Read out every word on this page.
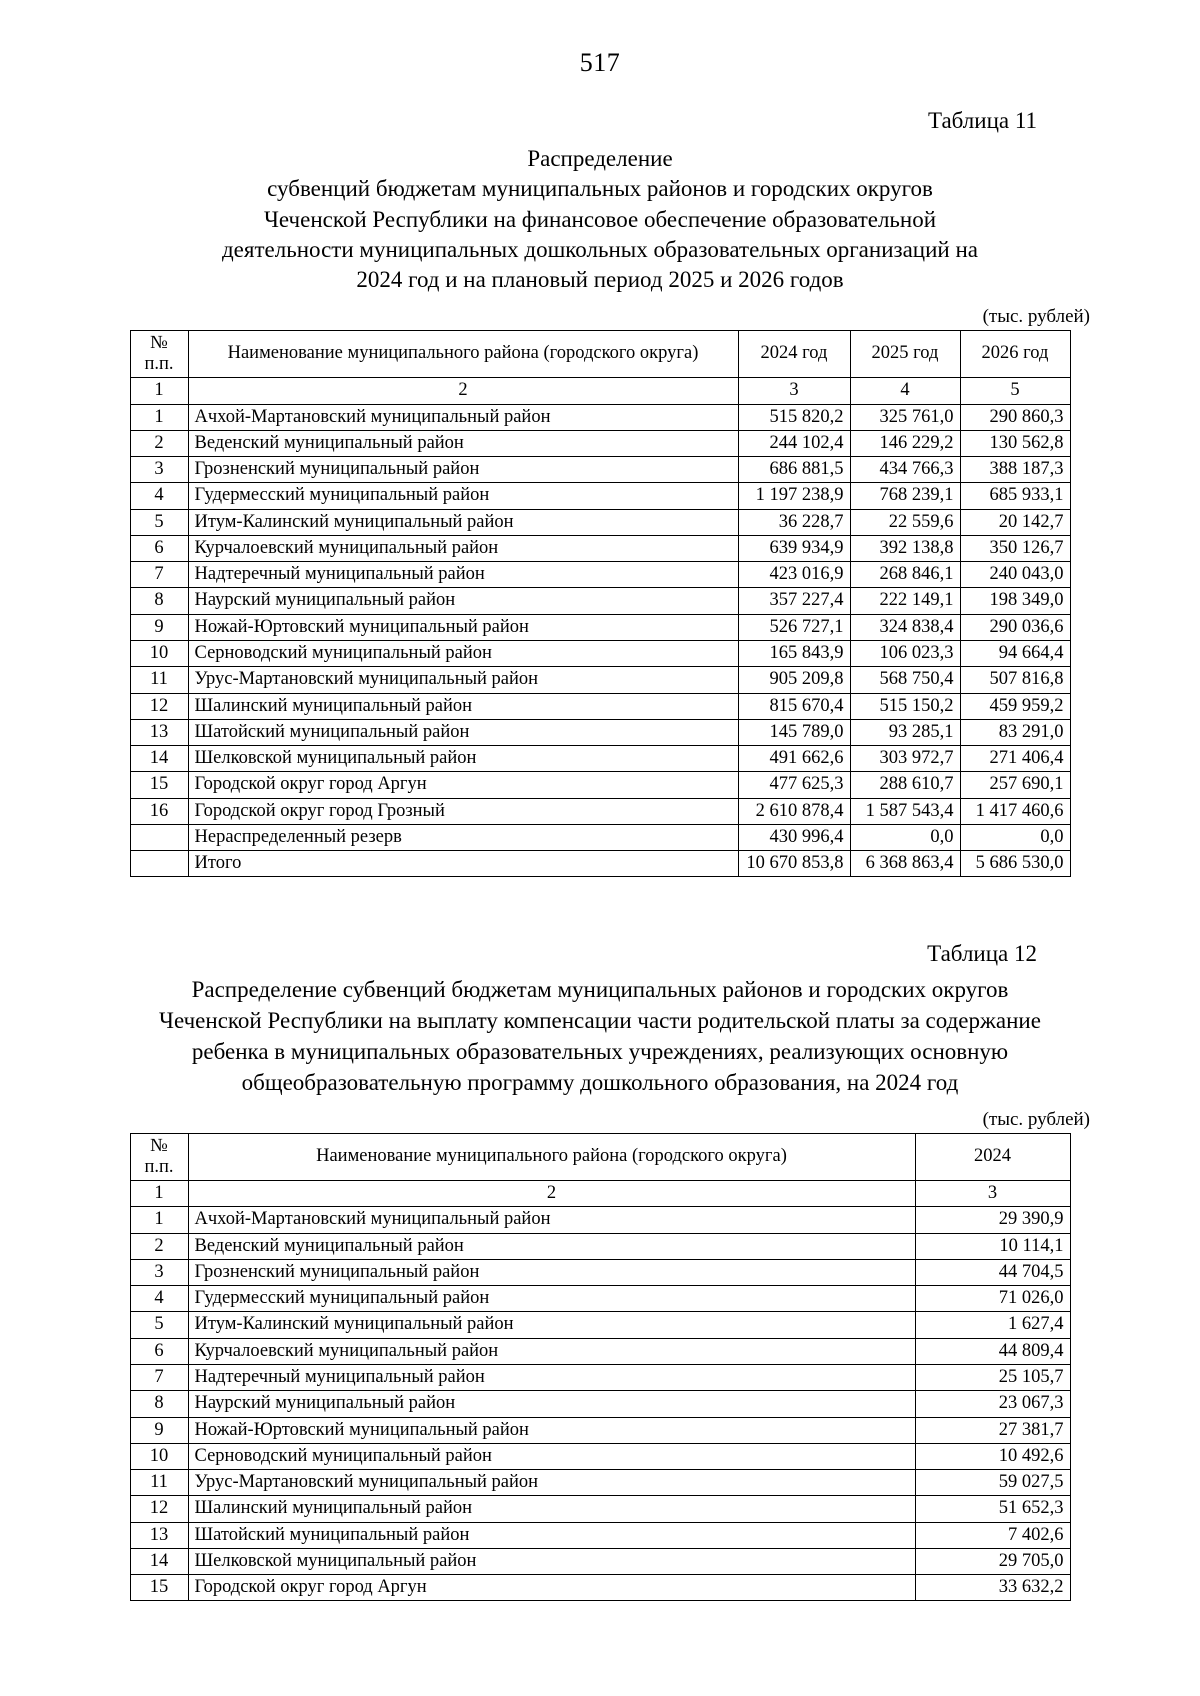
517
Таблица 11
Распределение
субвенций бюджетам муниципальных районов и городских округов
Чеченской Республики на финансовое обеспечение образовательной
деятельности муниципальных дошкольных образовательных организаций на
2024 год и на плановый период 2025 и 2026 годов
(тыс. рублей)
№
п.п.	Наименование муниципального района (городского округа)	2024 год	2025 год	2026 год
1	2	3	4	5
1	Ачхой-Мартановский муниципальный район	515 820,2	325 761,0	290 860,3
2	Веденский муниципальный район	244 102,4	146 229,2	130 562,8
3	Грозненский муниципальный район	686 881,5	434 766,3	388 187,3
4	Гудермесский муниципальный район	1 197 238,9	768 239,1	685 933,1
5	Итум-Калинский муниципальный район	36 228,7	22 559,6	20 142,7
6	Курчалоевский муниципальный район	639 934,9	392 138,8	350 126,7
7	Надтеречный муниципальный район	423 016,9	268 846,1	240 043,0
8	Наурский муниципальный район	357 227,4	222 149,1	198 349,0
9	Ножай-Юртовский муниципальный район	526 727,1	324 838,4	290 036,6
10	Серноводский муниципальный район	165 843,9	106 023,3	94 664,4
11	Урус-Мартановский муниципальный район	905 209,8	568 750,4	507 816,8
12	Шалинский муниципальный район	815 670,4	515 150,2	459 959,2
13	Шатойский муниципальный район	145 789,0	93 285,1	83 291,0
14	Шелковской муниципальный район	491 662,6	303 972,7	271 406,4
15	Городской округ город Аргун	477 625,3	288 610,7	257 690,1
16	Городской округ город Грозный	2 610 878,4	1 587 543,4	1 417 460,6
	Нераспределенный резерв	430 996,4	0,0	0,0
	Итого	10 670 853,8	6 368 863,4	5 686 530,0
Таблица 12
Распределение субвенций бюджетам муниципальных районов и городских округов Чеченской Республики на выплату компенсации части родительской платы за содержание ребенка в муниципальных образовательных учреждениях, реализующих основную общеобразовательную программу дошкольного образования, на 2024 год
(тыс. рублей)
№
п.п.	Наименование муниципального района (городского округа)	2024
1	2	3
1	Ачхой-Мартановский муниципальный район	29 390,9
2	Веденский муниципальный район	10 114,1
3	Грозненский муниципальный район	44 704,5
4	Гудермесский муниципальный район	71 026,0
5	Итум-Калинский муниципальный район	1 627,4
6	Курчалоевский муниципальный район	44 809,4
7	Надтеречный муниципальный район	25 105,7
8	Наурский муниципальный район	23 067,3
9	Ножай-Юртовский муниципальный район	27 381,7
10	Серноводский муниципальный район	10 492,6
11	Урус-Мартановский муниципальный район	59 027,5
12	Шалинский муниципальный район	51 652,3
13	Шатойский муниципальный район	7 402,6
14	Шелковской муниципальный район	29 705,0
15	Городской округ город Аргун	33 632,2
